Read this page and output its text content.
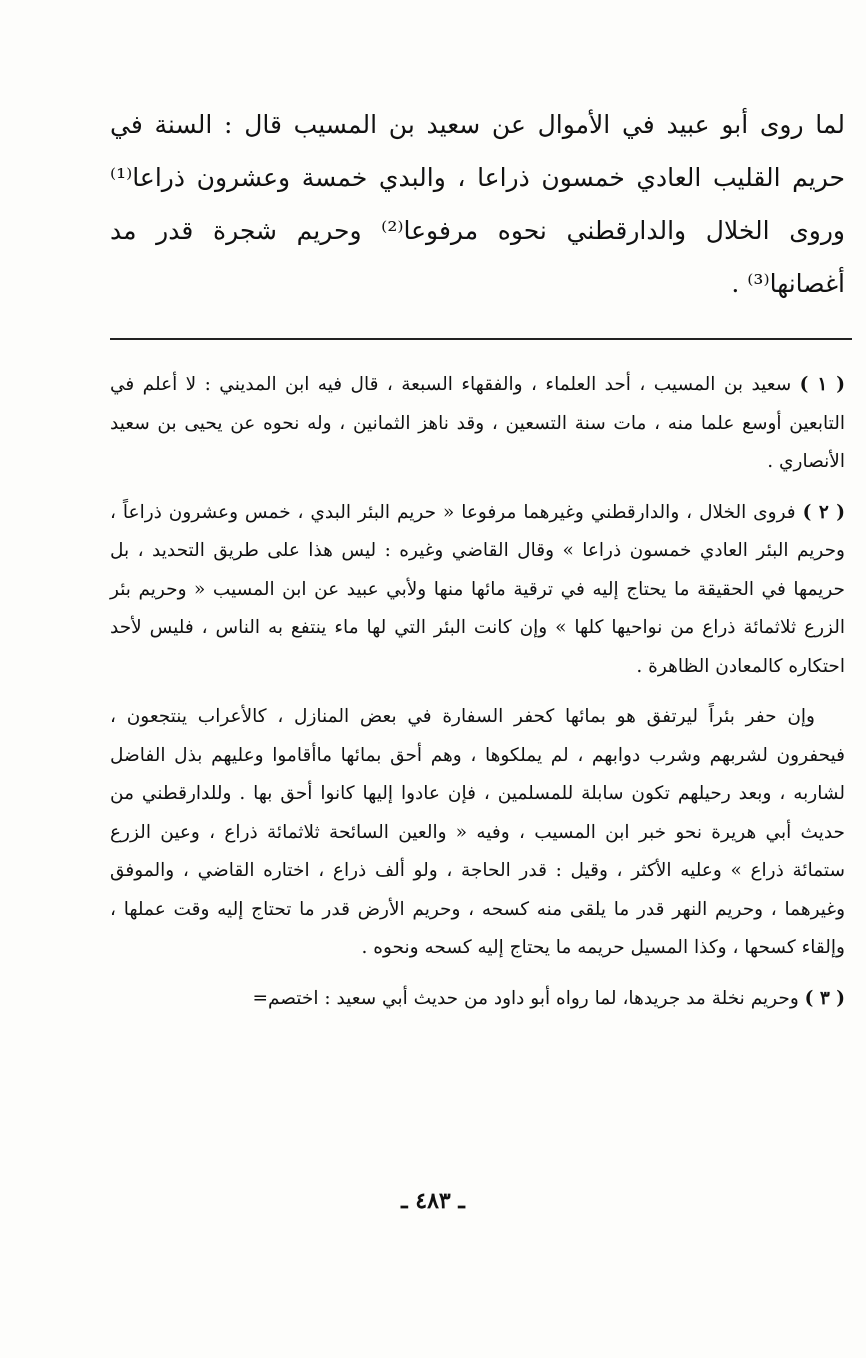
لما روى أبو عبيد في الأموال عن سعيد بن المسيب قال : السنة في حريم القليب العادي خمسون ذراعا ، والبدي خمسة وعشرون ذراعا⁽¹⁾ وروى الخلال والدارقطني نحوه مرفوعا⁽²⁾ وحريم شجرة قدر مد أغصانها⁽³⁾ .

( ١ ) سعيد بن المسيب ، أحد العلماء ، والفقهاء السبعة ، قال فيه ابن المديني : لا أعلم في التابعين أوسع علما منه ، مات سنة التسعين ، وقد ناهز الثمانين ، وله نحوه عن يحيى بن سعيد الأنصاري .

( ٢ ) فروى الخلال ، والدارقطني وغيرهما مرفوعا « حريم البئر البدي ، خمس وعشرون ذراعاً ، وحريم البئر العادي خمسون ذراعا » وقال القاضي وغيره : ليس هذا على طريق التحديد ، بل حريمها في الحقيقة ما يحتاج إليه في ترقية مائها منها ولأبي عبيد عن ابن المسيب « وحريم بئر الزرع ثلاثمائة ذراع من نواحيها كلها » وإن كانت البئر التي لها ماء ينتفع به الناس ، فليس لأحد احتكاره كالمعادن الظاهرة .

وإن حفر بئراً ليرتفق هو بمائها كحفر السفارة في بعض المنازل ، كالأعراب ينتجعون ، فيحفرون لشربهم وشرب دوابهم ، لم يملكوها ، وهم أحق بمائها ماأقاموا وعليهم بذل الفاضل لشاربه ، وبعد رحيلهم تكون سابلة للمسلمين ، فإن عادوا إليها كانوا أحق بها . وللدارقطني من حديث أبي هريرة نحو خبر ابن المسيب ، وفيه « والعين السائحة ثلاثمائة ذراع ، وعين الزرع ستمائة ذراع » وعليه الأكثر ، وقيل : قدر الحاجة ، ولو ألف ذراع ، اختاره القاضي ، والموفق وغيرهما ، وحريم النهر قدر ما يلقى منه كسحه ، وحريم الأرض قدر ما تحتاج إليه وقت عملها ، وإلقاء كسحها ، وكذا المسيل حريمه ما يحتاج إليه كسحه ونحوه .

( ٣ ) وحريم نخلة مد جريدها، لما رواه أبو داود من حديث أبي سعيد : اختصم=

ـ ٤٨٣ ـ
